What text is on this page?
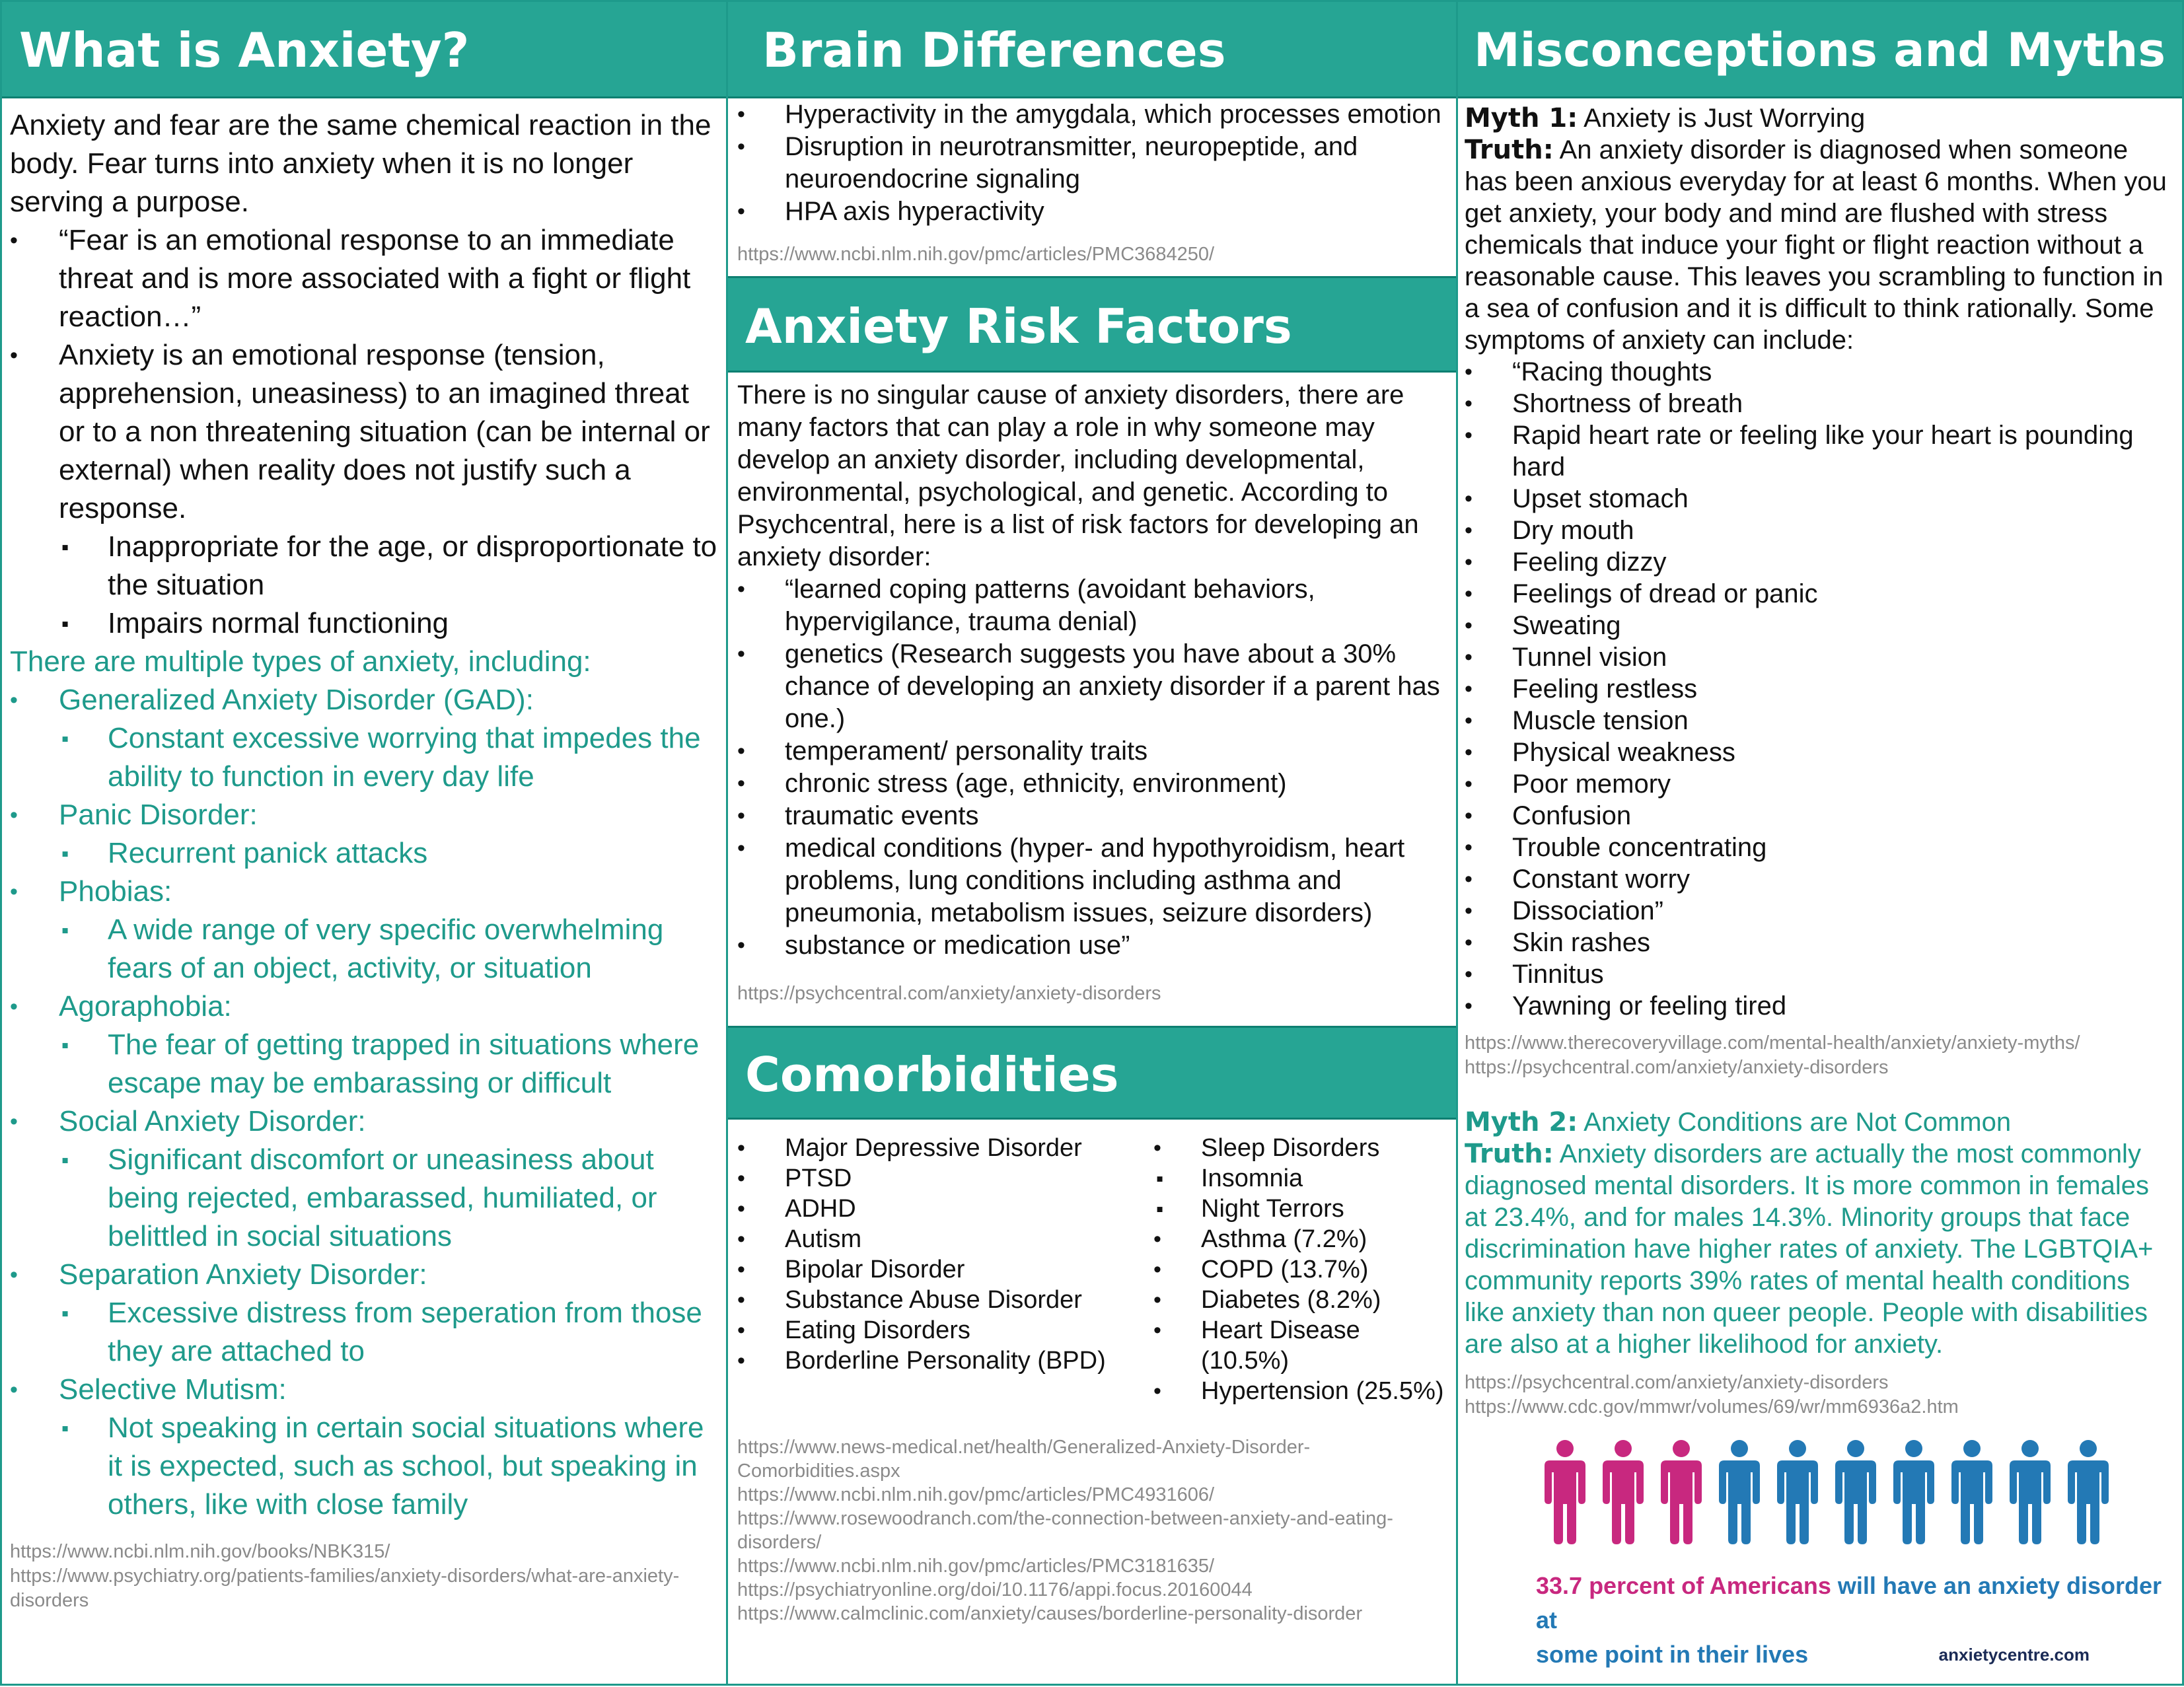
What is Anxiety?
Anxiety and fear are the same chemical reaction in the body. Fear turns into anxiety when it is no longer serving a purpose.
• “Fear is an emotional response to an immediate threat and is more associated with a fight or flight reaction…”
• Anxiety is an emotional response (tension, apprehension, uneasiness) to an imagined threat or to a non threatening situation (can be internal or external) when reality does not justify such a response.
▪ Inappropriate for the age, or disproportionate to the situation
▪ Impairs normal functioning
There are multiple types of anxiety, including:
• Generalized Anxiety Disorder (GAD):
▪ Constant excessive worrying that impedes the ability to function in every day life
• Panic Disorder:
▪ Recurrent panick attacks
• Phobias:
▪ A wide range of very specific overwhelming fears of an object, activity, or situation
• Agoraphobia:
▪ The fear of getting trapped in situations where escape may be embarassing or difficult
• Social Anxiety Disorder:
▪ Significant discomfort or uneasiness about being rejected, embarassed, humiliated, or belittled in social situations
• Separation Anxiety Disorder:
▪ Excessive distress from seperation from those they are attached to
• Selective Mutism:
▪ Not speaking in certain social situations where it is expected, such as school, but speaking in others, like with close family
https://www.ncbi.nlm.nih.gov/books/NBK315/
https://www.psychiatry.org/patients-families/anxiety-disorders/what-are-anxiety-disorders
Brain Differences
• Hyperactivity in the amygdala, which processes emotion
• Disruption in neurotransmitter, neuropeptide, and neuroendocrine signaling
• HPA axis hyperactivity
https://www.ncbi.nlm.nih.gov/pmc/articles/PMC3684250/
Anxiety Risk Factors
There is no singular cause of anxiety disorders, there are many factors that can play a role in why someone may develop an anxiety disorder, including developmental, environmental, psychological, and genetic. According to Psychcentral, here is a list of risk factors for developing an anxiety disorder:
• “learned coping patterns (avoidant behaviors, hypervigilance, trauma denial)
• genetics (Research suggests you have about a 30% chance of developing an anxiety disorder if a parent has one.)
• temperament/ personality traits
• chronic stress (age, ethnicity, environment)
• traumatic events
• medical conditions (hyper- and hypothyroidism, heart problems, lung conditions including asthma and pneumonia, metabolism issues, seizure disorders)
• substance or medication use”
https://psychcentral.com/anxiety/anxiety-disorders
Comorbidities
• Major Depressive Disorder
• PTSD
• ADHD
• Autism
• Bipolar Disorder
• Substance Abuse Disorder
• Eating Disorders
• Borderline Personality (BPD)
• Sleep Disorders
▪ Insomnia
▪ Night Terrors
• Asthma (7.2%)
• COPD (13.7%)
• Diabetes (8.2%)
• Heart Disease (10.5%)
• Hypertension (25.5%)
https://www.news-medical.net/health/Generalized-Anxiety-Disorder-Comorbidities.aspx
https://www.ncbi.nlm.nih.gov/pmc/articles/PMC4931606/
https://www.rosewoodranch.com/the-connection-between-anxiety-and-eating-disorders/
https://www.ncbi.nlm.nih.gov/pmc/articles/PMC3181635/
https://psychiatryonline.org/doi/10.1176/appi.focus.20160044
https://www.calmclinic.com/anxiety/causes/borderline-personality-disorder
Misconceptions and Myths
Myth 1: Anxiety is Just Worrying
Truth: An anxiety disorder is diagnosed when someone has been anxious everyday for at least 6 months. When you get anxiety, your body and mind are flushed with stress chemicals that induce your fight or flight reaction without a reasonable cause. This leaves you scrambling to function in a sea of confusion and it is difficult to think rationally. Some symptoms of anxiety can include:
• “Racing thoughts
• Shortness of breath
• Rapid heart rate or feeling like your heart is pounding hard
• Upset stomach
• Dry mouth
• Feeling dizzy
• Feelings of dread or panic
• Sweating
• Tunnel vision
• Feeling restless
• Muscle tension
• Physical weakness
• Poor memory
• Confusion
• Trouble concentrating
• Constant worry
• Dissociation”
• Skin rashes
• Tinnitus
• Yawning or feeling tired
https://www.therecoveryvillage.com/mental-health/anxiety/anxiety-myths/
https://psychcentral.com/anxiety/anxiety-disorders
Myth 2: Anxiety Conditions are Not Common
Truth: Anxiety disorders are actually the most commonly diagnosed mental disorders. It is more common in females at 23.4%, and for males 14.3%. Minority groups that face discrimination have higher rates of anxiety. The LGBTQIA+ community reports 39% rates of mental health conditions like anxiety than non queer people. People with disabilities are also at a higher likelihood for anxiety.
https://psychcentral.com/anxiety/anxiety-disorders
https://www.cdc.gov/mmwr/volumes/69/wr/mm6936a2.htm
33.7 percent of Americans will have an anxiety disorder at
some point in their lives	anxietycentre.com
